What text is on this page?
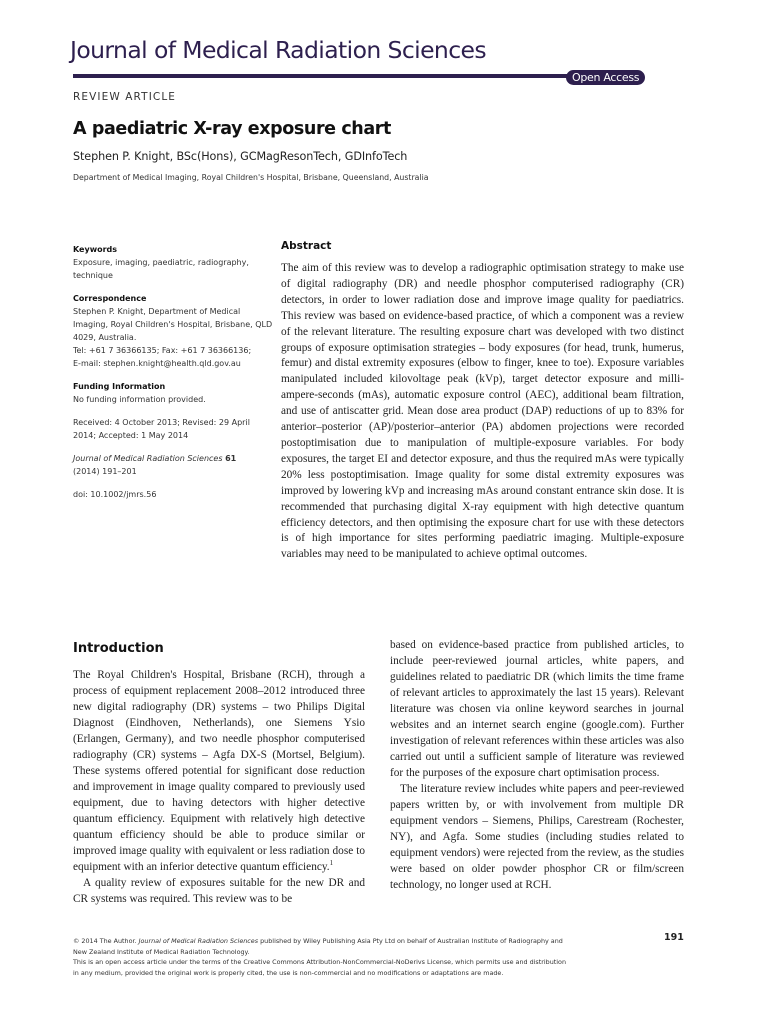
Journal of Medical Radiation Sciences
Open Access
REVIEW ARTICLE
A paediatric X-ray exposure chart
Stephen P. Knight, BSc(Hons), GCMagResonTech, GDInfoTech
Department of Medical Imaging, Royal Children's Hospital, Brisbane, Queensland, Australia
Keywords
Exposure, imaging, paediatric, radiography, technique
Correspondence
Stephen P. Knight, Department of Medical Imaging, Royal Children's Hospital, Brisbane, QLD 4029, Australia.
Tel: +61 7 36366135; Fax: +61 7 36366136;
E-mail: stephen.knight@health.qld.gov.au
Funding Information
No funding information provided.
Received: 4 October 2013; Revised: 29 April 2014; Accepted: 1 May 2014
Journal of Medical Radiation Sciences 61
(2014) 191–201
doi: 10.1002/jmrs.56
Abstract

The aim of this review was to develop a radiographic optimisation strategy to make use of digital radiography (DR) and needle phosphor computerised radiography (CR) detectors, in order to lower radiation dose and improve image quality for paediatrics. This review was based on evidence-based practice, of which a component was a review of the relevant literature. The resulting exposure chart was developed with two distinct groups of exposure optimisation strategies – body exposures (for head, trunk, humerus, femur) and distal extremity exposures (elbow to finger, knee to toe). Exposure variables manipulated included kilovoltage peak (kVp), target detector exposure and milli-ampere-seconds (mAs), automatic exposure control (AEC), additional beam filtration, and use of antiscatter grid. Mean dose area product (DAP) reductions of up to 83% for anterior–posterior (AP)/posterior–anterior (PA) abdomen projections were recorded postoptimisation due to manipulation of multiple-exposure variables. For body exposures, the target EI and detector exposure, and thus the required mAs were typically 20% less postoptimisation. Image quality for some distal extremity exposures was improved by lowering kVp and increasing mAs around constant entrance skin dose. It is recommended that purchasing digital X-ray equipment with high detective quantum efficiency detectors, and then optimising the exposure chart for use with these detectors is of high importance for sites performing paediatric imaging. Multiple-exposure variables may need to be manipulated to achieve optimal outcomes.

Introduction

The Royal Children's Hospital, Brisbane (RCH), through a process of equipment replacement 2008–2012 introduced three new digital radiography (DR) systems – two Philips Digital Diagnost (Eindhoven, Netherlands), one Siemens Ysio (Erlangen, Germany), and two needle phosphor computerised radiography (CR) systems – Agfa DX-S (Mortsel, Belgium). These systems offered potential for significant dose reduction and improvement in image quality compared to previously used equipment, due to having detectors with higher detective quantum efficiency. Equipment with relatively high detective quantum efficiency should be able to produce similar or improved image quality with equivalent or less radiation dose to equipment with an inferior detective quantum efficiency.$^1$

A quality review of exposures suitable for the new DR and CR systems was required. This review was to be

based on evidence-based practice from published articles, to include peer-reviewed journal articles, white papers, and guidelines related to paediatric DR (which limits the time frame of relevant articles to approximately the last 15 years). Relevant literature was chosen via online keyword searches in journal websites and an internet search engine (google.com). Further investigation of relevant references within these articles was also carried out until a sufficient sample of literature was reviewed for the purposes of the exposure chart optimisation process.

The literature review includes white papers and peer-reviewed papers written by, or with involvement from multiple DR equipment vendors – Siemens, Philips, Carestream (Rochester, NY), and Agfa. Some studies (including studies related to equipment vendors) were rejected from the review, as the studies were based on older powder phosphor CR or film/screen technology, no longer used at RCH.

© 2014 The Author. Journal of Medical Radiation Sciences published by Wiley Publishing Asia Pty Ltd on behalf of Australian Institute of Radiography and New Zealand Institute of Medical Radiation Technology.
This is an open access article under the terms of the Creative Commons Attribution-NonCommercial-NoDerivs License, which permits use and distribution in any medium, provided the original work is properly cited, the use is non-commercial and no modifications or adaptations are made.
191
